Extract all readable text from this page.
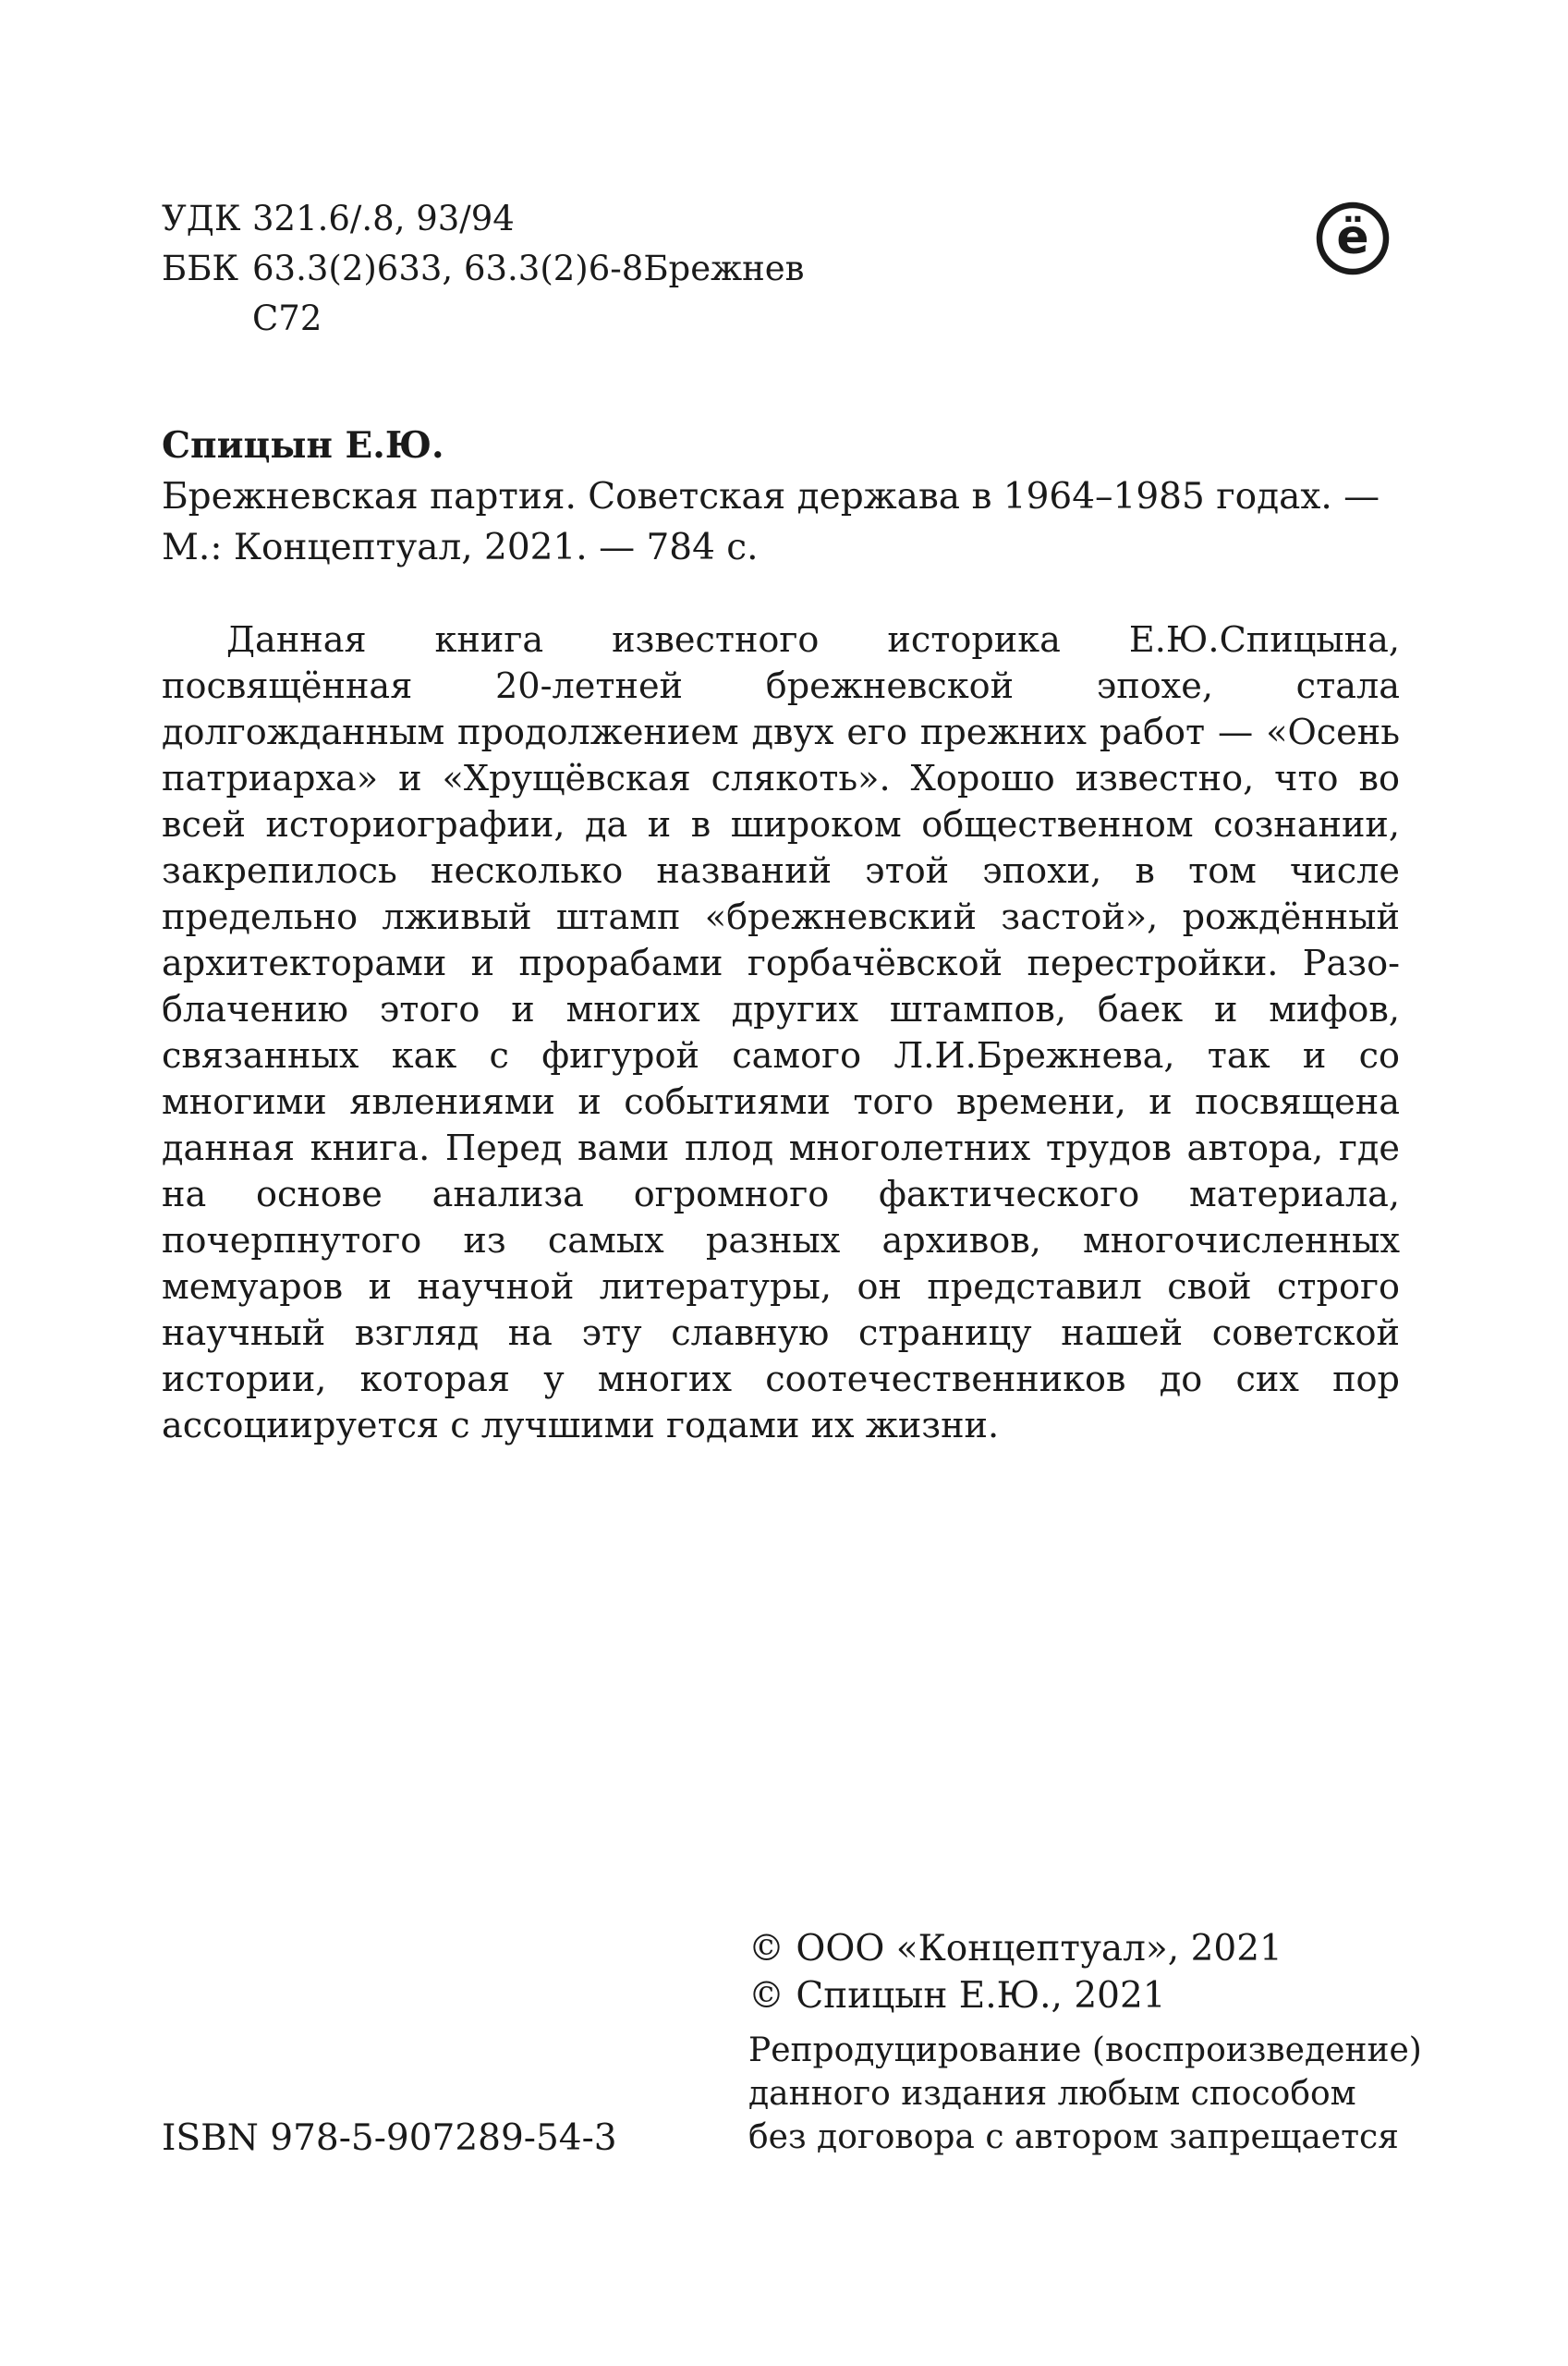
УДК 321.6/.8, 93/94
ББК 63.3(2)633, 63.3(2)6-8Брежнев
С72
ё
Спицын Е.Ю.
Брежневская партия. Советская держава в 1964–1985 годах. —
М.: Концептуал, 2021. — 784 с.
Данная книга известного историка Е.Ю.Спицына, посвящённая 20-летней брежневской эпохе, стала долгожданным продолжением двух его прежних работ — «Осень патриарха» и «Хрущёвская слякоть». Хорошо известно, что во всей историографии, да и в широком общественном сознании, закрепилось несколько названий этой эпохи, в том числе предельно лживый штамп «брежневский застой», рождённый архитекторами и прорабами горбачёвской перестройки. Разоблачению этого и многих других штампов, баек и мифов, связанных как с фигурой самого Л.И.Брежнева, так и со многими явлениями и событиями того времени, и посвящена данная книга. Перед вами плод многолетних трудов автора, где на основе анализа огромного фактического материала, почерпнутого из самых разных архивов, многочисленных мемуаров и научной литературы, он представил свой строго научный взгляд на эту славную страницу нашей советской истории, которая у многих соотечественников до сих пор ассоциируется с лучшими годами их жизни.
© ООО «Концептуал», 2021
© Спицын Е.Ю., 2021
Репродуцирование (воспроизведение)
данного издания любым способом
без договора с автором запрещается
ISBN 978-5-907289-54-3
